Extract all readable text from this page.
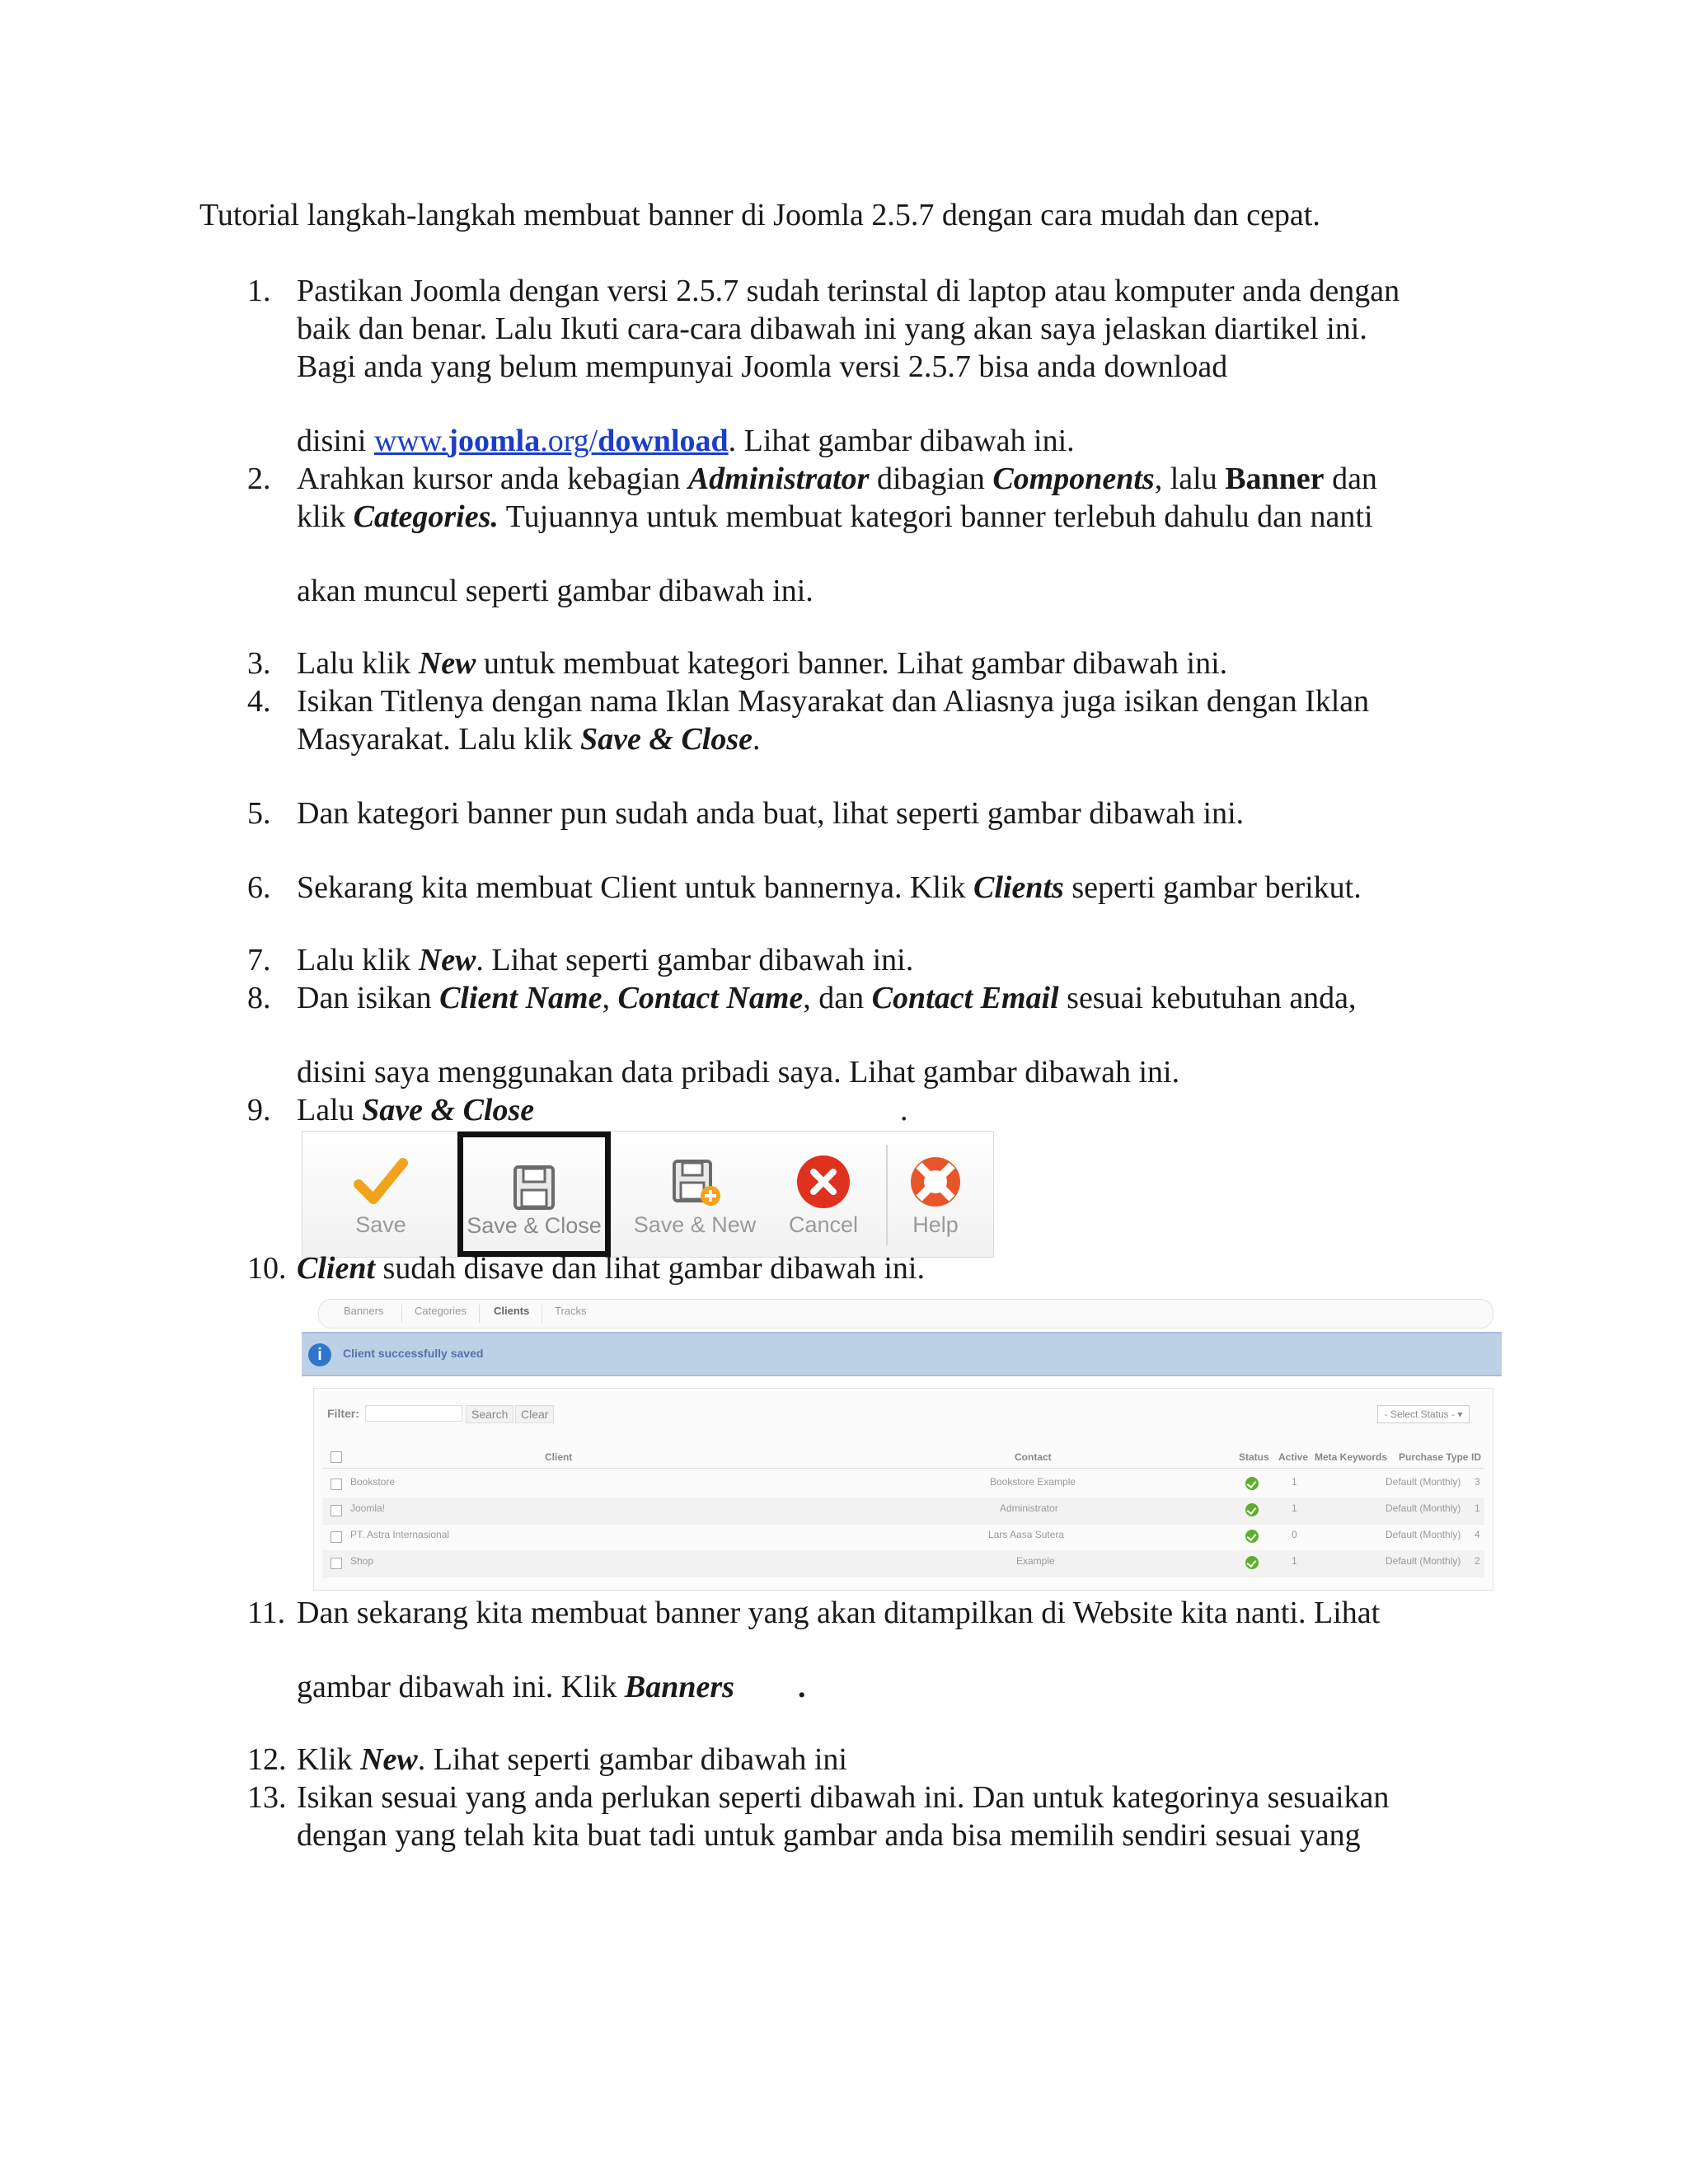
Tutorial langkah-langkah membuat banner di Joomla 2.5.7 dengan cara mudah dan cepat.
1. Pastikan Joomla dengan versi 2.5.7 sudah terinstal di laptop atau komputer anda dengan
baik dan benar. Lalu Ikuti cara-cara dibawah ini yang akan saya jelaskan diartikel ini.
Bagi anda yang belum mempunyai Joomla versi 2.5.7 bisa anda download
disini www.joomla.org/download. Lihat gambar dibawah ini.
2. Arahkan kursor anda kebagian Administrator dibagian Components, lalu Banner dan
klik Categories. Tujuannya untuk membuat kategori banner terlebuh dahulu dan nanti
akan muncul seperti gambar dibawah ini.
3. Lalu klik New untuk membuat kategori banner. Lihat gambar dibawah ini.
4. Isikan Titlenya dengan nama Iklan Masyarakat dan Aliasnya juga isikan dengan Iklan
Masyarakat. Lalu klik Save & Close.
5. Dan kategori banner pun sudah anda buat, lihat seperti gambar dibawah ini.
6. Sekarang kita membuat Client untuk bannernya. Klik Clients seperti gambar berikut.
7. Lalu klik New. Lihat seperti gambar dibawah ini.
8. Dan isikan Client Name, Contact Name, dan Contact Email sesuai kebutuhan anda,
disini saya menggunakan data pribadi saya. Lihat gambar dibawah ini.
9. Lalu Save & Close	.
Save	Save & Close Save & New	Cancel	Help
10. Client sudah disave dan lihat gambar dibawah ini.
Banners	Categories	Clients Tracks
i	Client successfully saved
Filter:	Search	Clear	- Select Status - ▾
Client	Contact	Status Active Meta Keywords Purchase Type ID
Bookstore	Bookstore Example	1	Default (Monthly) 3
Joomla!	Administrator	1	Default (Monthly) 1
PT. Astra Internasional	Lars Aasa Sutera	0	Default (Monthly) 4
Shop	Example	1	Default (Monthly) 2
11. Dan sekarang kita membuat banner yang akan ditampilkan di Website kita nanti. Lihat
gambar dibawah ini. Klik Banners .
12. Klik New. Lihat seperti gambar dibawah ini
13. Isikan sesuai yang anda perlukan seperti dibawah ini. Dan untuk kategorinya sesuaikan
dengan yang telah kita buat tadi untuk gambar anda bisa memilih sendiri sesuai yang
